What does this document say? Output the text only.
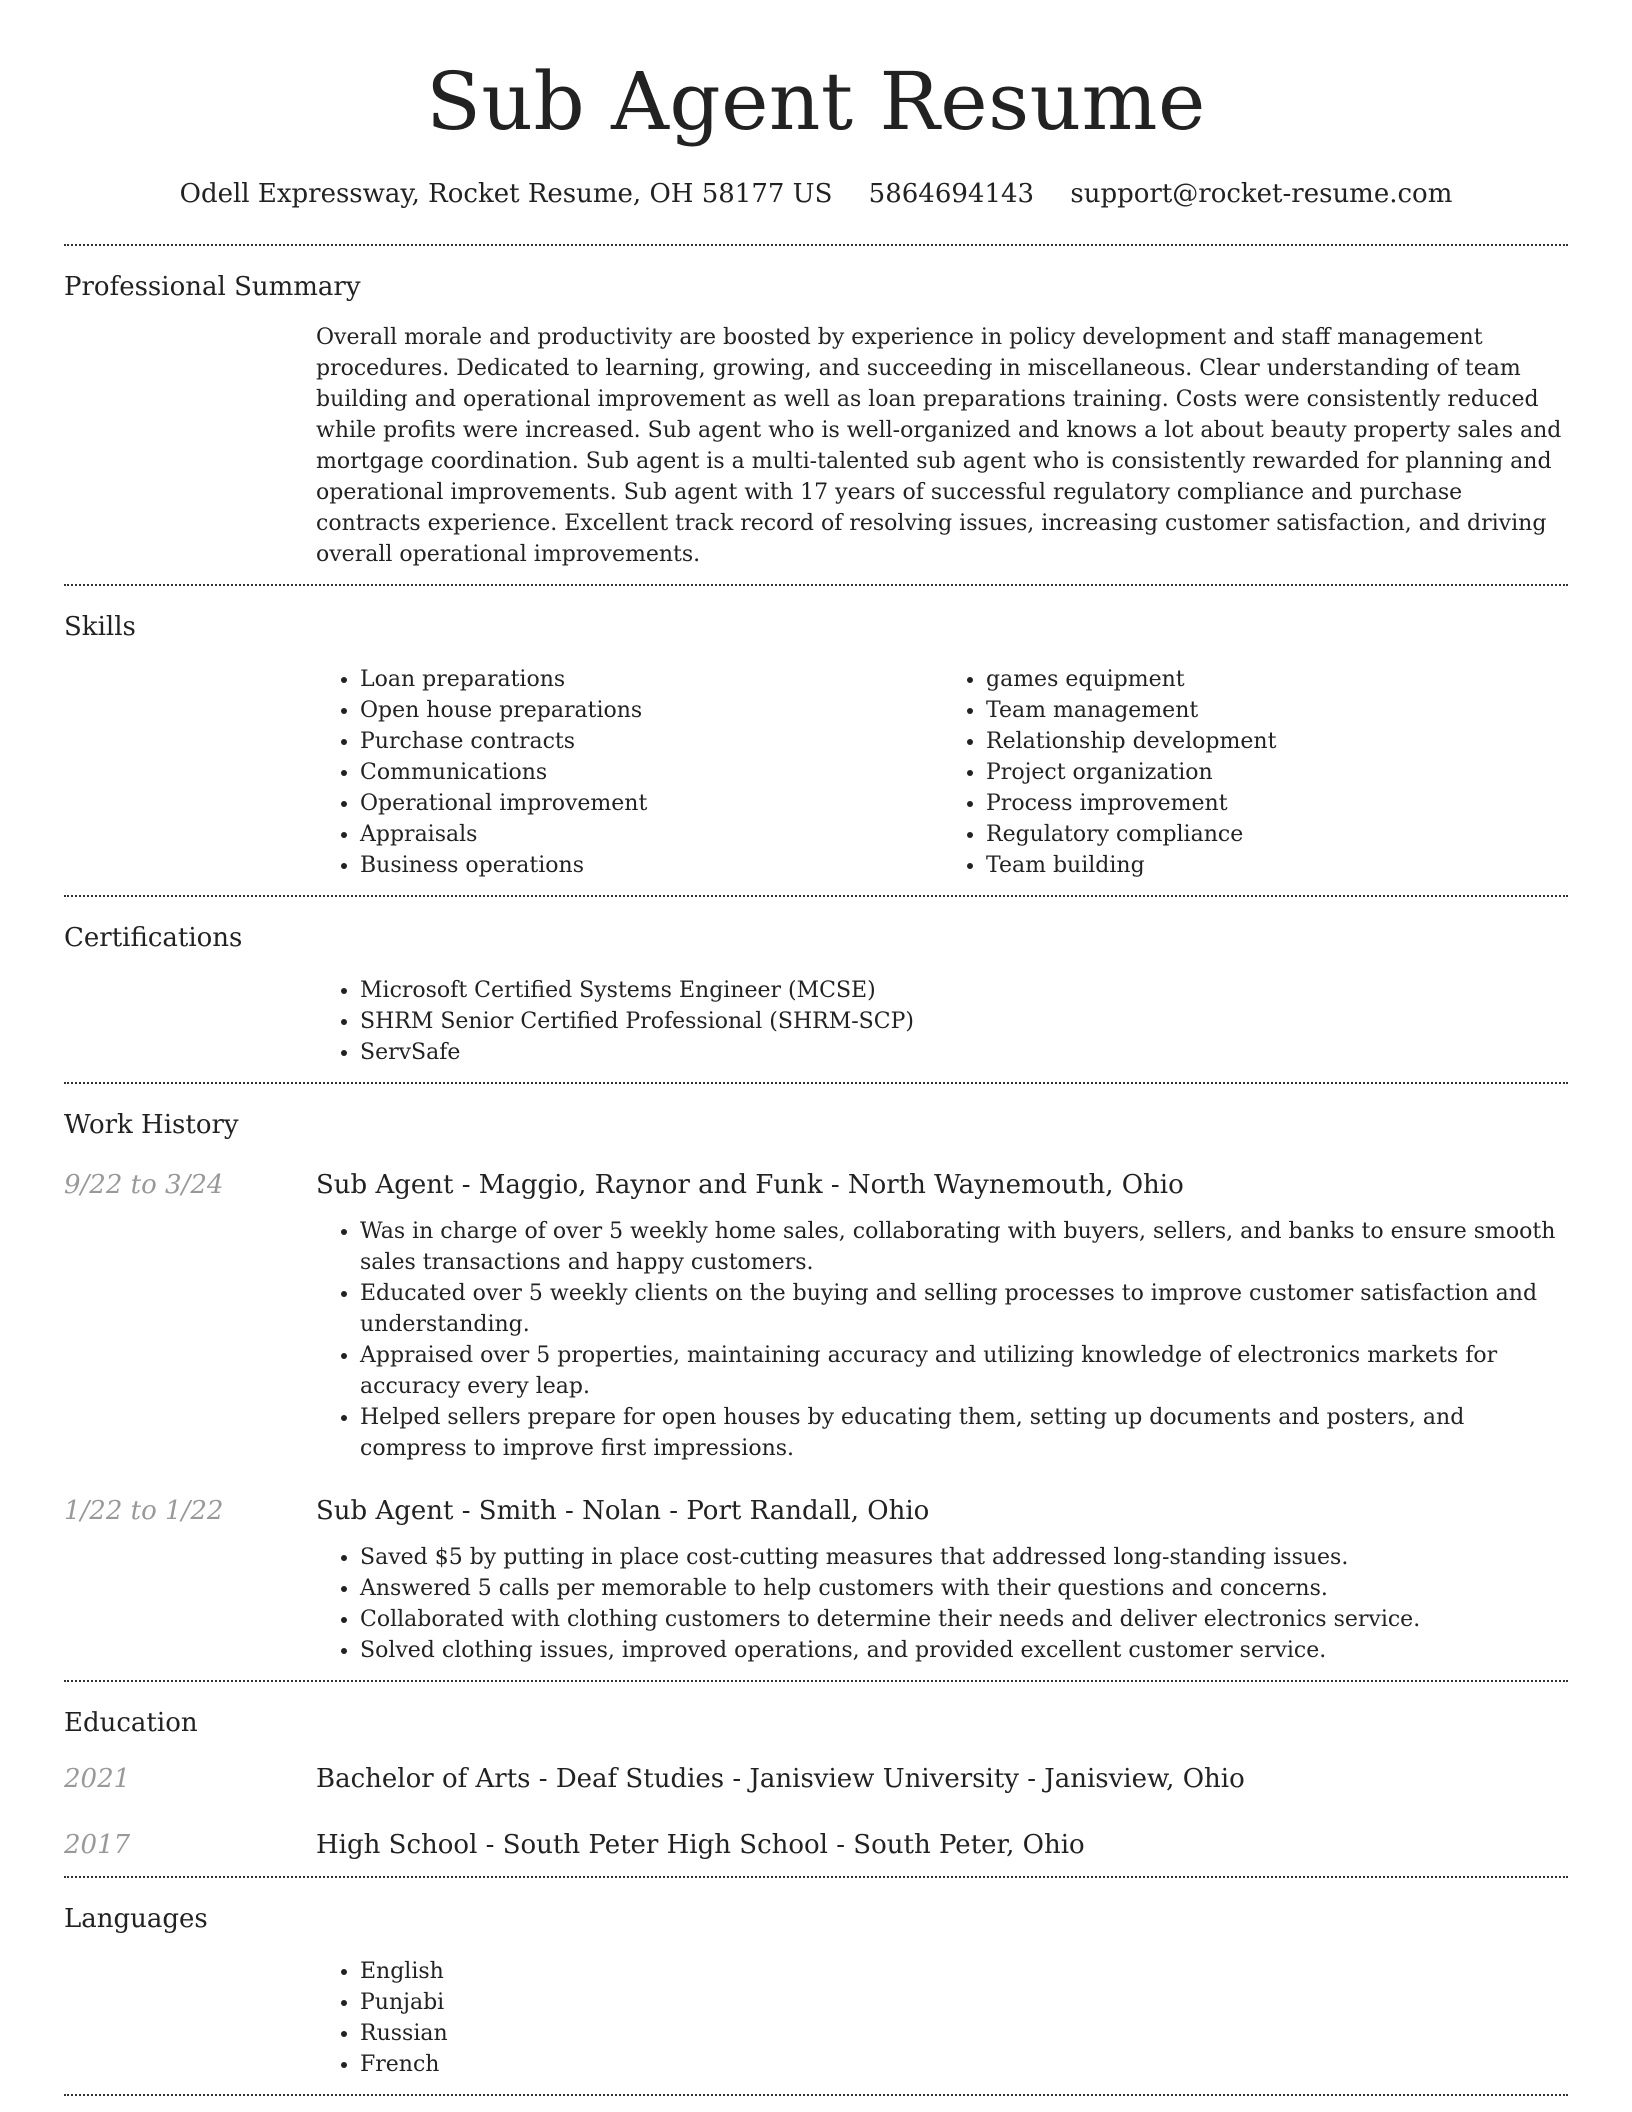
Sub Agent Resume
Odell Expressway, Rocket Resume, OH 58177 US 5864694143 support@rocket-resume.com
Professional Summary

Overall morale and productivity are boosted by experience in policy development and staff management procedures. Dedicated to learning, growing, and succeeding in miscellaneous. Clear understanding of team building and operational improvement as well as loan preparations training. Costs were consistently reduced while profits were increased. Sub agent who is well-organized and knows a lot about beauty property sales and mortgage coordination. Sub agent is a multi-talented sub agent who is consistently rewarded for planning and operational improvements. Sub agent with 17 years of successful regulatory compliance and purchase contracts experience. Excellent track record of resolving issues, increasing customer satisfaction, and driving overall operational improvements.

Skills
• Loan preparations
• Open house preparations
• Purchase contracts
• Communications
• Operational improvement
• Appraisals
• Business operations
• games equipment
• Team management
• Relationship development
• Project organization
• Process improvement
• Regulatory compliance
• Team building
Certifications
• Microsoft Certified Systems Engineer (MCSE)
• SHRM Senior Certified Professional (SHRM-SCP)
• ServSafe
Work History
9/22 to 3/24	Sub Agent - Maggio, Raynor and Funk - North Waynemouth, Ohio
• Was in charge of over 5 weekly home sales, collaborating with buyers, sellers, and banks to ensure smooth sales transactions and happy customers.
• Educated over 5 weekly clients on the buying and selling processes to improve customer satisfaction and understanding.
• Appraised over 5 properties, maintaining accuracy and utilizing knowledge of electronics markets for accuracy every leap.
• Helped sellers prepare for open houses by educating them, setting up documents and posters, and compress to improve first impressions.
1/22 to 1/22	Sub Agent - Smith - Nolan - Port Randall, Ohio
• Saved $5 by putting in place cost-cutting measures that addressed long-standing issues.
• Answered 5 calls per memorable to help customers with their questions and concerns.
• Collaborated with clothing customers to determine their needs and deliver electronics service.
• Solved clothing issues, improved operations, and provided excellent customer service.
Education
2021	Bachelor of Arts - Deaf Studies - Janisview University - Janisview, Ohio
2017	High School - South Peter High School - South Peter, Ohio
Languages
• English
• Punjabi
• Russian
• French
